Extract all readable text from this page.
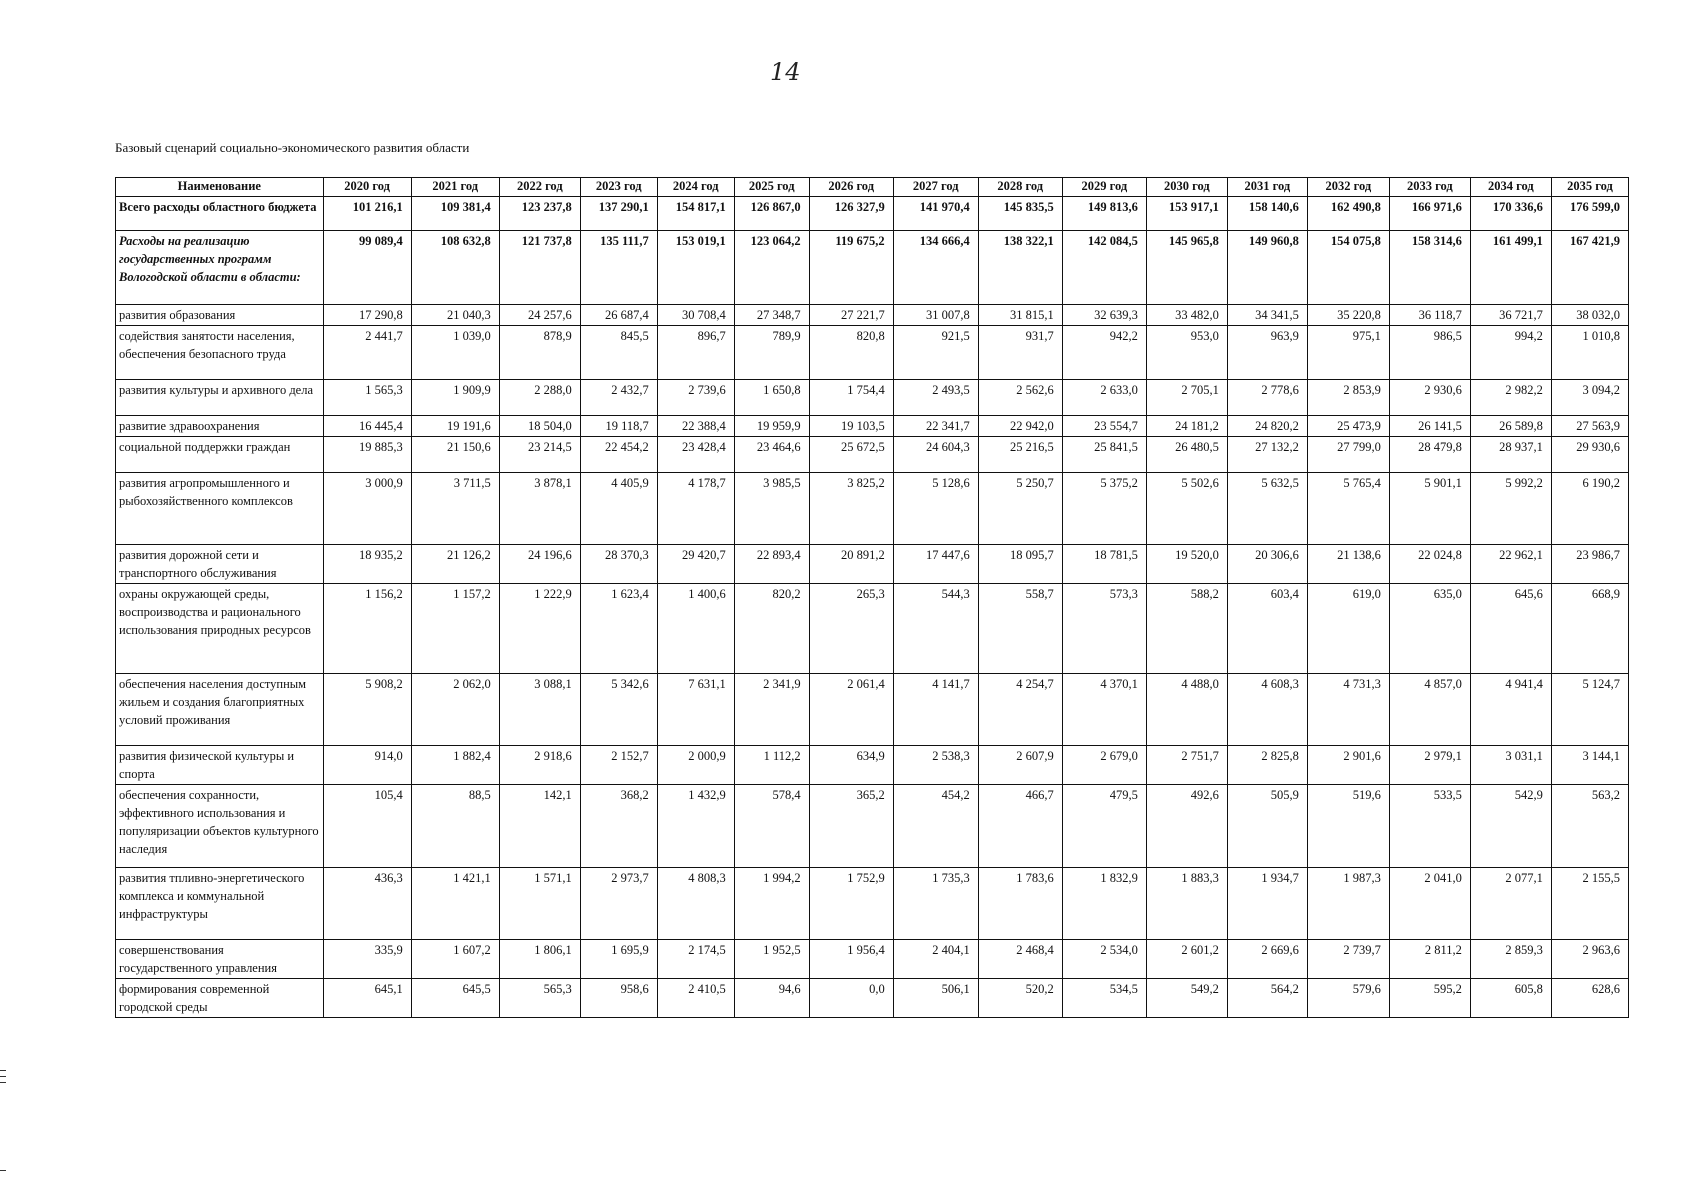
14
Базовый сценарий социально-экономического развития области
Наименование	2020 год	2021 год	2022 год	2023 год	2024 год	2025 год	2026 год	2027 год	2028 год	2029 год	2030 год	2031 год	2032 год	2033 год	2034 год	2035 год
Всего расходы областного бюджета	101 216,1	109 381,4	123 237,8	137 290,1	154 817,1	126 867,0	126 327,9	141 970,4	145 835,5	149 813,6	153 917,1	158 140,6	162 490,8	166 971,6	170 336,6	176 599,0
Расходы на реализацию государственных программ Вологодской области в области:	99 089,4	108 632,8	121 737,8	135 111,7	153 019,1	123 064,2	119 675,2	134 666,4	138 322,1	142 084,5	145 965,8	149 960,8	154 075,8	158 314,6	161 499,1	167 421,9
развития образования	17 290,8	21 040,3	24 257,6	26 687,4	30 708,4	27 348,7	27 221,7	31 007,8	31 815,1	32 639,3	33 482,0	34 341,5	35 220,8	36 118,7	36 721,7	38 032,0
содействия занятости населения, обеспечения безопасного труда	2 441,7	1 039,0	878,9	845,5	896,7	789,9	820,8	921,5	931,7	942,2	953,0	963,9	975,1	986,5	994,2	1 010,8
развития культуры и архивного дела	1 565,3	1 909,9	2 288,0	2 432,7	2 739,6	1 650,8	1 754,4	2 493,5	2 562,6	2 633,0	2 705,1	2 778,6	2 853,9	2 930,6	2 982,2	3 094,2
развитие здравоохранения	16 445,4	19 191,6	18 504,0	19 118,7	22 388,4	19 959,9	19 103,5	22 341,7	22 942,0	23 554,7	24 181,2	24 820,2	25 473,9	26 141,5	26 589,8	27 563,9
социальной поддержки граждан	19 885,3	21 150,6	23 214,5	22 454,2	23 428,4	23 464,6	25 672,5	24 604,3	25 216,5	25 841,5	26 480,5	27 132,2	27 799,0	28 479,8	28 937,1	29 930,6
развития агропромышленного и рыбохозяйственного комплексов	3 000,9	3 711,5	3 878,1	4 405,9	4 178,7	3 985,5	3 825,2	5 128,6	5 250,7	5 375,2	5 502,6	5 632,5	5 765,4	5 901,1	5 992,2	6 190,2
развития дорожной сети и транспортного обслуживания	18 935,2	21 126,2	24 196,6	28 370,3	29 420,7	22 893,4	20 891,2	17 447,6	18 095,7	18 781,5	19 520,0	20 306,6	21 138,6	22 024,8	22 962,1	23 986,7
охраны окружающей среды, воспроизводства и рационального использования природных ресурсов	1 156,2	1 157,2	1 222,9	1 623,4	1 400,6	820,2	265,3	544,3	558,7	573,3	588,2	603,4	619,0	635,0	645,6	668,9
обеспечения населения доступным жильем и создания благоприятных условий проживания	5 908,2	2 062,0	3 088,1	5 342,6	7 631,1	2 341,9	2 061,4	4 141,7	4 254,7	4 370,1	4 488,0	4 608,3	4 731,3	4 857,0	4 941,4	5 124,7
развития физической культуры и спорта	914,0	1 882,4	2 918,6	2 152,7	2 000,9	1 112,2	634,9	2 538,3	2 607,9	2 679,0	2 751,7	2 825,8	2 901,6	2 979,1	3 031,1	3 144,1
обеспечения сохранности, эффективного использования и популяризации объектов культурного наследия	105,4	88,5	142,1	368,2	1 432,9	578,4	365,2	454,2	466,7	479,5	492,6	505,9	519,6	533,5	542,9	563,2
развития тпливно-энергетического комплекса и коммунальной инфраструктуры	436,3	1 421,1	1 571,1	2 973,7	4 808,3	1 994,2	1 752,9	1 735,3	1 783,6	1 832,9	1 883,3	1 934,7	1 987,3	2 041,0	2 077,1	2 155,5
совершенствования государственного управления	335,9	1 607,2	1 806,1	1 695,9	2 174,5	1 952,5	1 956,4	2 404,1	2 468,4	2 534,0	2 601,2	2 669,6	2 739,7	2 811,2	2 859,3	2 963,6
формирования современной городской среды	645,1	645,5	565,3	958,6	2 410,5	94,6	0,0	506,1	520,2	534,5	549,2	564,2	579,6	595,2	605,8	628,6
